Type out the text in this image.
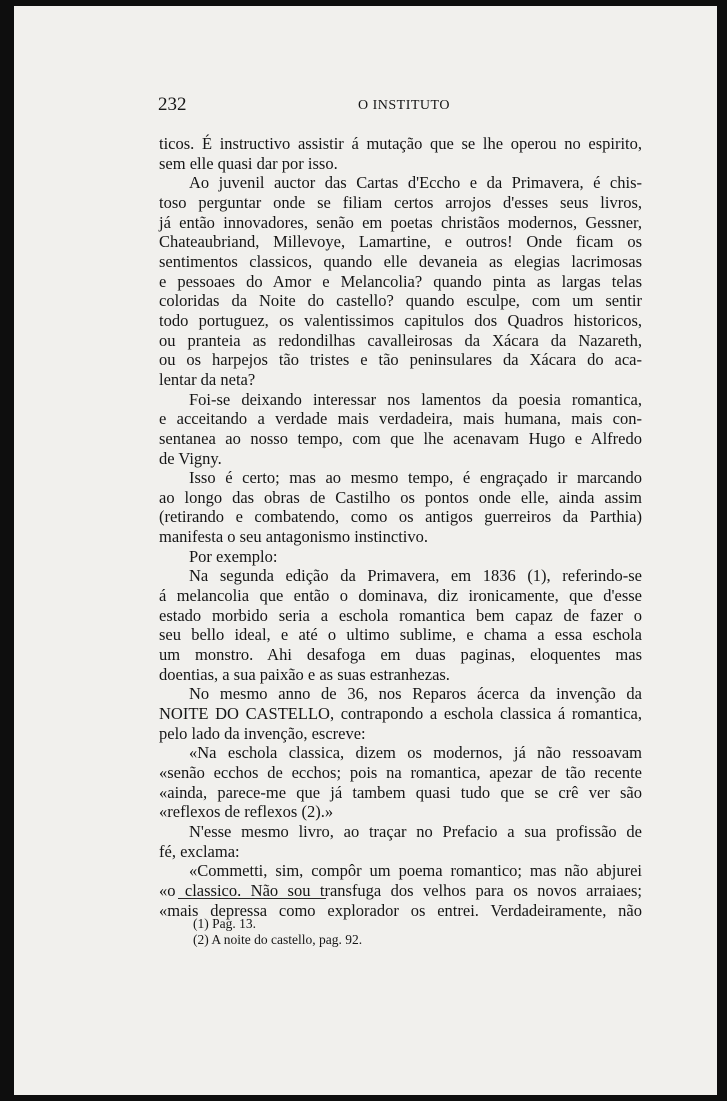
232	O INSTITUTO
ticos. É instructivo assistir á mutação que se lhe operou no espirito,
sem elle quasi dar por isso.
Ao juvenil auctor das Cartas d'Eccho e da Primavera, é chis-
toso perguntar onde se filiam certos arrojos d'esses seus livros,
já então innovadores, senão em poetas christãos modernos, Gessner,
Chateaubriand, Millevoye, Lamartine, e outros! Onde ficam os
sentimentos classicos, quando elle devaneia as elegias lacrimosas
e pessoaes do Amor e Melancolia? quando pinta as largas telas
coloridas da Noite do castello? quando esculpe, com um sentir
todo portuguez, os valentissimos capitulos dos Quadros historicos,
ou pranteia as redondilhas cavalleirosas da Xácara da Nazareth,
ou os harpejos tão tristes e tão peninsulares da Xácara do aca-
lentar da neta?
Foi-se deixando interessar nos lamentos da poesia romantica,
e acceitando a verdade mais verdadeira, mais humana, mais con-
sentanea ao nosso tempo, com que lhe acenavam Hugo e Alfredo
de Vigny.
Isso é certo; mas ao mesmo tempo, é engraçado ir marcando
ao longo das obras de Castilho os pontos onde elle, ainda assim
(retirando e combatendo, como os antigos guerreiros da Parthia)
manifesta o seu antagonismo instinctivo.
Por exemplo:
Na segunda edição da Primavera, em 1836 (1), referindo-se
á melancolia que então o dominava, diz ironicamente, que d'esse
estado morbido seria a eschola romantica bem capaz de fazer o
seu bello ideal, e até o ultimo sublime, e chama a essa eschola
um monstro. Ahi desafoga em duas paginas, eloquentes mas
doentias, a sua paixão e as suas estranhezas.
No mesmo anno de 36, nos Reparos ácerca da invenção da
NOITE DO CASTELLO, contrapondo a eschola classica á romantica,
pelo lado da invenção, escreve:
«Na eschola classica, dizem os modernos, já não ressoavam
«senão ecchos de ecchos; pois na romantica, apezar de tão recente
«ainda, parece-me que já tambem quasi tudo que se crê ver são
«reflexos de reflexos (2).»
N'esse mesmo livro, ao traçar no Prefacio a sua profissão de
fé, exclama:
«Commetti, sim, compôr um poema romantico; mas não abjurei
«o classico. Não sou transfuga dos velhos para os novos arraiaes;
«mais depressa como explorador os entrei. Verdadeiramente, não
(1) Pag. 13.
(2) A noite do castello, pag. 92.
